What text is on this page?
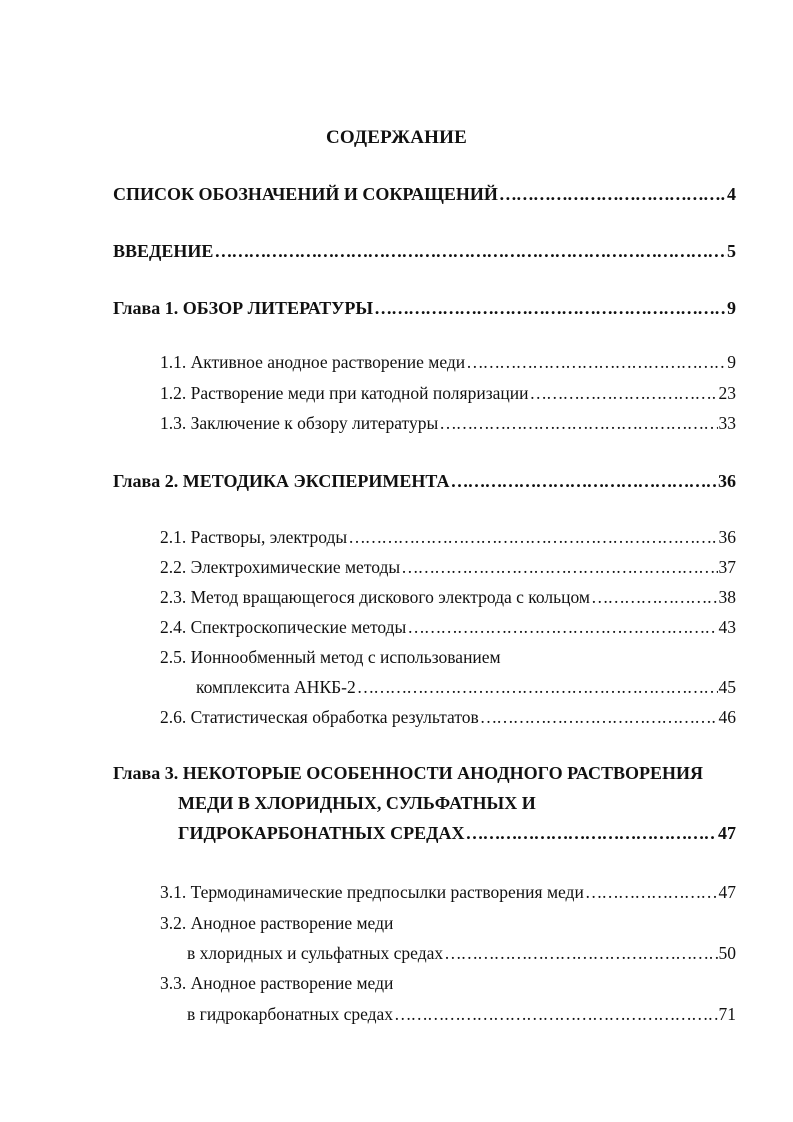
СОДЕРЖАНИЕ
СПИСОК ОБОЗНАЧЕНИЙ И СОКРАЩЕНИЙ ………………………………………………………………………………………………………………………………………………………………………………………………	4
ВВЕДЕНИЕ ………………………………………………………………………………………………………………………………………………………………………………………………	5
Глава 1. ОБЗОР ЛИТЕРАТУРЫ ………………………………………………………………………………………………………………………………………………………………………………………………	9
1.1. Активное анодное растворение меди ………………………………………………………………………………………………………………………………………………………………………………………………	9
1.2. Растворение меди при катодной поляризации ………………………………………………………………………………………………………………………………………………………………………………………………	23
1.3. Заключение к обзору литературы ………………………………………………………………………………………………………………………………………………………………………………………………	33
Глава 2. МЕТОДИКА ЭКСПЕРИМЕНТА ………………………………………………………………………………………………………………………………………………………………………………………………	36
2.1. Растворы, электроды ………………………………………………………………………………………………………………………………………………………………………………………………	36
2.2. Электрохимические методы ………………………………………………………………………………………………………………………………………………………………………………………………	37
2.3. Метод вращающегося дискового электрода с кольцом ………………………………………………………………………………………………………………………………………………………………………………………………	38
2.4. Спектроскопические методы ………………………………………………………………………………………………………………………………………………………………………………………………	43
2.5. Ионнообменный метод с использованием
комплексита АНКБ-2 ………………………………………………………………………………………………………………………………………………………………………………………………	45
2.6. Статистическая обработка результатов ………………………………………………………………………………………………………………………………………………………………………………………………	46
Глава 3. НЕКОТОРЫЕ ОСОБЕННОСТИ АНОДНОГО РАСТВОРЕНИЯ
МЕДИ В ХЛОРИДНЫХ, СУЛЬФАТНЫХ И
ГИДРОКАРБОНАТНЫХ СРЕДАХ ………………………………………………………………………………………………………………………………………………………………………………………………	47
3.1. Термодинамические предпосылки растворения меди ………………………………………………………………………………………………………………………………………………………………………………………………	47
3.2. Анодное растворение меди
в хлоридных и сульфатных средах ………………………………………………………………………………………………………………………………………………………………………………………………	50
3.3. Анодное растворение меди
в гидрокарбонатных средах ………………………………………………………………………………………………………………………………………………………………………………………………	71
